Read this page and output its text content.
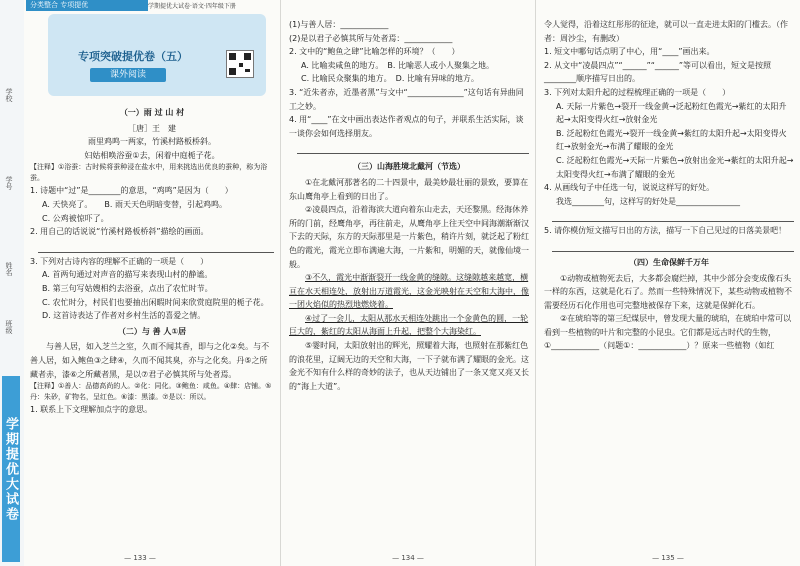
学校
学号
姓名
班级
学期提优大试卷
分类整合 专项提优	学期提优大试卷·语文·四年级下册
专项突破提优卷（五）
课外阅读

（一）雨 过 山 村

［唐］王　建

雨里鸡鸣一两家，竹溪村路板桥斜。

妇姑相唤浴蚕①去，闲着中庭栀子花。

【注释】①浴蚕：古时候将蚕种浸在盐水中，用来挑选出优良的蚕种，称为浴蚕。

1. 诗题中“过”是________的意思，“鸡鸣”是因为（　　）

A. 天快亮了。　　B. 雨天天色明暗变替，引起鸡鸣。

C. 公鸡被惊吓了。

2. 用自己的话说说“竹溪村路板桥斜”描绘的画面。

3. 下列对古诗内容的理解不正确的一项是（　　）

A. 首两句通过对声音的描写来表现山村的静谧。

B. 第三句写姑嫂相约去浴蚕，点出了农忙时节。

C. 农忙时分，村民们也要抽出闲暇时间来欣赏庭院里的栀子花。

D. 这首诗表达了作者对乡村生活的喜爱之情。

（二）与 善 人①居

与善人居，如入芝兰之室，久而不闻其香，即与之化②矣。与不善人居，如入鲍鱼③之肆④，久而不闻其臭，亦与之化矣。丹⑤之所藏者赤，漆⑥之所藏者黑，是以⑦君子必慎其所与处者焉。

【注释】①善人：品德高尚的人。②化：同化。③鲍鱼：咸鱼。④肆：店铺。⑤丹：朱砂，矿物名，呈红色。⑥漆：黑漆。⑦是以：所以。

1. 联系上下文理解加点字的意思。

— 133 —

(1)与善人居：____________

(2)是以君子必慎其所与处者焉：____________

2. 文中的“鲍鱼之肆”比喻怎样的环境？（　　）

A. 比喻卖咸鱼的地方。　B. 比喻恶人或小人聚集之地。

C. 比喻民众聚集的地方。　D. 比喻有异味的地方。

3. “近朱者赤，近墨者黑”与文中“______________”这句话有异曲同工之妙。

4. 用“____”在文中画出表达作者观点的句子，并联系生活实际，谈一谈你会如何选择朋友。

（三）山海胜境北戴河（节选）

①在北戴河那著名的二十四景中，最美妙最壮丽的景致，要算在东山鹰角亭上看到的日出了。

②凌晨四点，沿着海滨大道向着东山走去，天还黎黑。经海休养所的门前，经鹰角亭，再往前走，从鹰角亭上往天空中间海潮渐渐汉下去的天际，东方的天际那里是一片紫色，稍许片刻，就泛起了粉红色的霞光，霞光立即布满遍大海，一片紫和，明媚的天，就像仙境一般。

③不久，霞光中渐渐裂开一线金黄的缝隙。这缝隙越来越宽，横亘在水天相连处，放射出万道霞光，这金光映射在天空和大海中，像一团火焰似的热烈地燃烧着。

④过了一会儿，太阳从那水天相连处跳出一个金黄色的圆，一轮巨大的，紫红的太阳从海面上升起，把整个大海染红。

⑤霎时间，太阳放射出的辉光，照耀着大海，也照射在那紫红色的浪花里，辽阔无边的天空和大海，一下子就布满了耀眼的金光。这金光不知有什么样的奇妙的法子，也从天边铺出了一条又宽又亮又长的“海上大道”。

— 134 —

令人觉得，沿着这红彤彤的征途，就可以一直走进太阳的门槛去。（作者：周沙尘，有删改）

1. 短文中哪句话点明了中心，用“____”画出来。

2. 从文中“凌晨四点”“______”“______”等可以看出，短文是按照________顺序描写日出的。

3. 下列对太阳升起的过程梳理正确的一项是（　　）

A. 天际一片紫色→裂开一线金黄→泛起粉红色霞光→紫红的太阳升起→太阳变得火红→放射金光

B. 泛起粉红色霞光→裂开一线金黄→紫红的太阳升起→太阳变得火红→放射金光→布满了耀眼的金光

C. 泛起粉红色霞光→天际一片紫色→放射出金光→紫红的太阳升起→太阳变得火红→布满了耀眼的金光

4. 从画线句子中任选一句，说说这样写的好处。

我选________句，这样写的好处是________________

5. 请你模仿短文描写日出的方法，描写一下自己见过的日落美景吧！

（四）生命保鲜千万年

①动物或植物死去后，大多都会腐烂掉，其中少部分会变成像石头一样的东西，这就是化石了。然而一些特殊情况下，某些动物或植物不需要经历石化作用也可完整地被保存下来，这就是保鲜化石。

②在琥珀等的第三纪煤层中，曾发现大量的琥珀，在琥珀中常可以看到一些植物的叶片和完整的小昆虫。它们都是远古时代的生物，①____________（问题①：____________）？原来一些植物（如红

— 135 —
